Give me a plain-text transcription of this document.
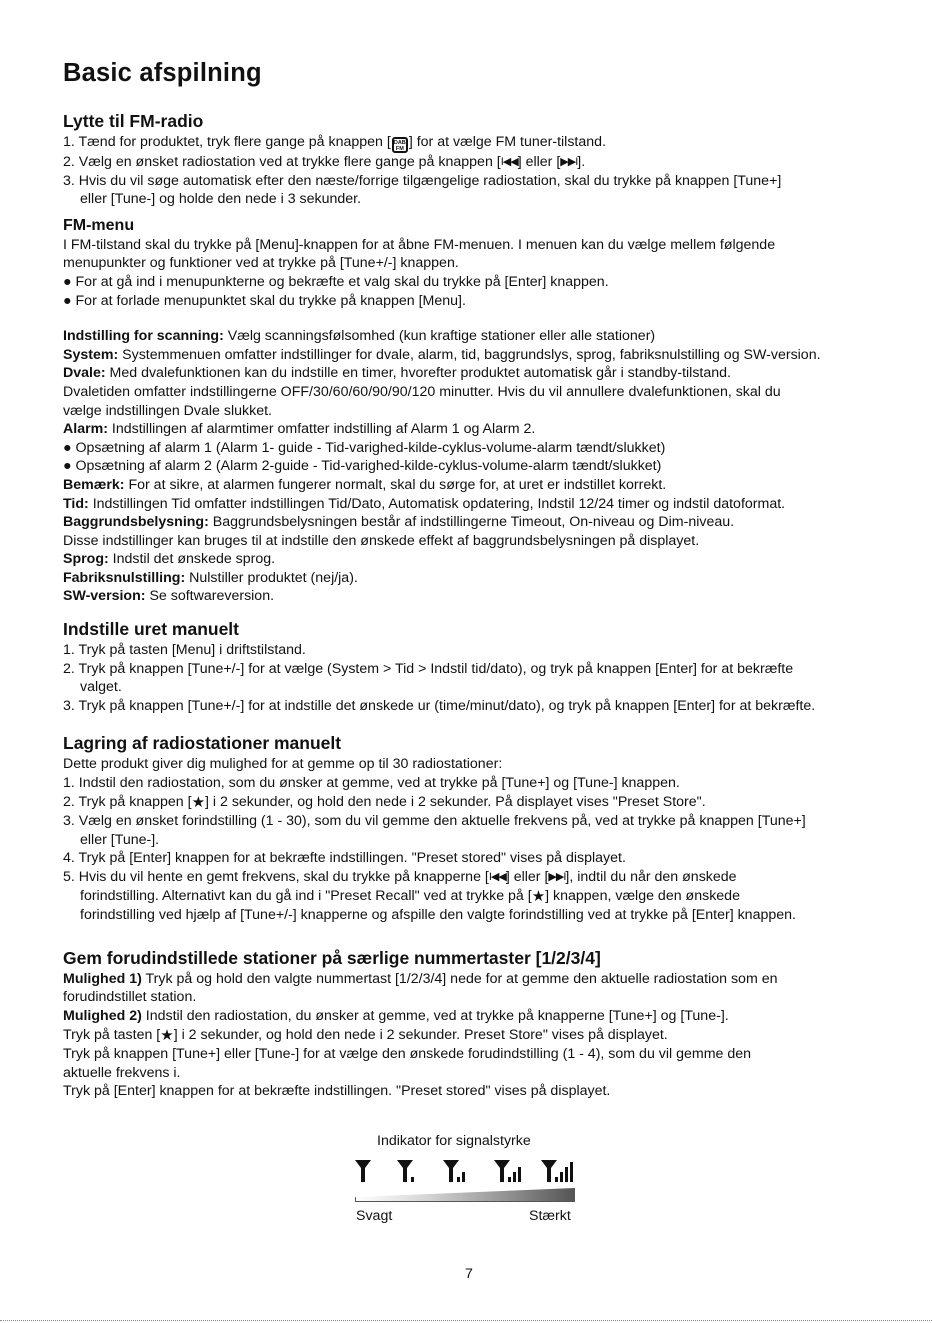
Basic afspilning
Lytte til FM-radio
1. Tænd for produktet, tryk flere gange på knappen [ DAB/
FM ] for at vælge FM tuner-tilstand.
2. Vælg en ønsket radiostation ved at trykke flere gange på knappen [I◀◀] eller [▶▶I].
3. Hvis du vil søge automatisk efter den næste/forrige tilgængelige radiostation, skal du trykke på knappen [Tune+]
eller [Tune-] og holde den nede i 3 sekunder.
FM-menu
I FM-tilstand skal du trykke på [Menu]-knappen for at åbne FM-menuen. I menuen kan du vælge mellem følgende
menupunkter og funktioner ved at trykke på [Tune+/-] knappen.
● For at gå ind i menupunkterne og bekræfte et valg skal du trykke på [Enter] knappen.
● For at forlade menupunktet skal du trykke på knappen [Menu].
Indstilling for scanning: Vælg scanningsfølsomhed (kun kraftige stationer eller alle stationer)
System: Systemmenuen omfatter indstillinger for dvale, alarm, tid, baggrundslys, sprog, fabriksnulstilling og SW-version.
Dvale: Med dvalefunktionen kan du indstille en timer, hvorefter produktet automatisk går i standby-tilstand.
Dvaletiden omfatter indstillingerne OFF/30/60/60/90/90/120 minutter. Hvis du vil annullere dvalefunktionen, skal du
vælge indstillingen Dvale slukket.
Alarm: Indstillingen af alarmtimer omfatter indstilling af Alarm 1 og Alarm 2.
● Opsætning af alarm 1 (Alarm 1- guide - Tid-varighed-kilde-cyklus-volume-alarm tændt/slukket)
● Opsætning af alarm 2 (Alarm 2-guide - Tid-varighed-kilde-cyklus-volume-alarm tændt/slukket)
Bemærk: For at sikre, at alarmen fungerer normalt, skal du sørge for, at uret er indstillet korrekt.
Tid: Indstillingen Tid omfatter indstillingen Tid/Dato, Automatisk opdatering, Indstil 12/24 timer og indstil datoformat.
Baggrundsbelysning: Baggrundsbelysningen består af indstillingerne Timeout, On-niveau og Dim-niveau.
Disse indstillinger kan bruges til at indstille den ønskede effekt af baggrundsbelysningen på displayet.
Sprog: Indstil det ønskede sprog.
Fabriksnulstilling: Nulstiller produktet (nej/ja).
SW-version: Se softwareversion.
Indstille uret manuelt
1. Tryk på tasten [Menu] i driftstilstand.
2. Tryk på knappen [Tune+/-] for at vælge (System > Tid > Indstil tid/dato), og tryk på knappen [Enter] for at bekræfte
valget.
3. Tryk på knappen [Tune+/-] for at indstille det ønskede ur (time/minut/dato), og tryk på knappen [Enter] for at bekræfte.
Lagring af radiostationer manuelt
Dette produkt giver dig mulighed for at gemme op til 30 radiostationer:
1. Indstil den radiostation, som du ønsker at gemme, ved at trykke på [Tune+] og [Tune-] knappen.
2. Tryk på knappen [★] i 2 sekunder, og hold den nede i 2 sekunder. På displayet vises "Preset Store".
3. Vælg en ønsket forindstilling (1 - 30), som du vil gemme den aktuelle frekvens på, ved at trykke på knappen [Tune+]
eller [Tune-].
4. Tryk på [Enter] knappen for at bekræfte indstillingen. "Preset stored" vises på displayet.
5. Hvis du vil hente en gemt frekvens, skal du trykke på knapperne [I◀◀] eller [▶▶I], indtil du når den ønskede
forindstilling. Alternativt kan du gå ind i "Preset Recall" ved at trykke på [★] knappen, vælge den ønskede
forindstilling ved hjælp af [Tune+/-] knapperne og afspille den valgte forindstilling ved at trykke på [Enter] knappen.
Gem forudindstillede stationer på særlige nummertaster [1/2/3/4]
Mulighed 1) Tryk på og hold den valgte nummertast [1/2/3/4] nede for at gemme den aktuelle radiostation som en
forudindstillet station.
Mulighed 2) Indstil den radiostation, du ønsker at gemme, ved at trykke på knapperne [Tune+] og [Tune-].
Tryk på tasten [★] i 2 sekunder, og hold den nede i 2 sekunder. Preset Store" vises på displayet.
Tryk på knappen [Tune+] eller [Tune-] for at vælge den ønskede forudindstilling (1 - 4), som du vil gemme den
aktuelle frekvens i.
Tryk på [Enter] knappen for at bekræfte indstillingen. "Preset stored" vises på displayet.
Indikator for signalstyrke
Svagt	Stærkt
7
